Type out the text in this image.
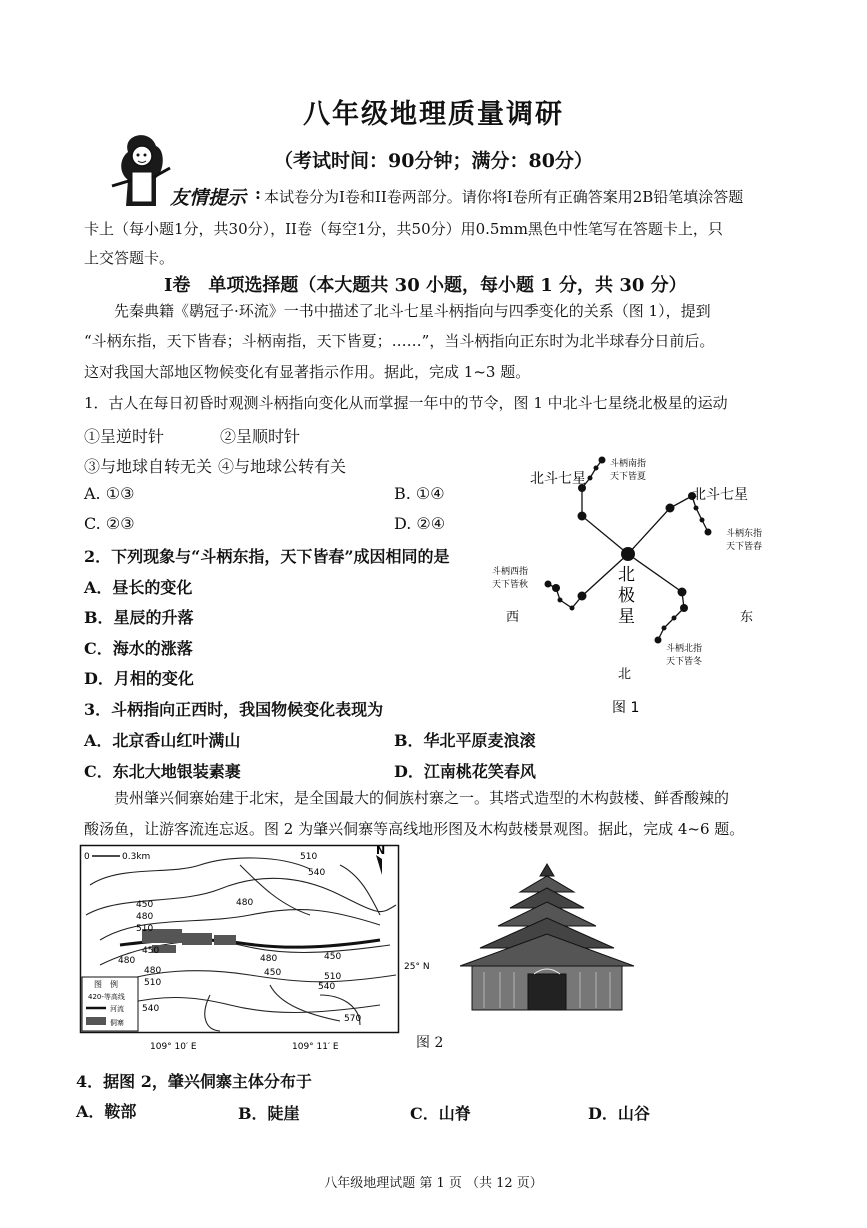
八年级地理质量调研
（考试时间：90分钟；满分：80分）
友情提示 : 本试卷分为I卷和II卷两部分。请你将I卷所有正确答案用2B铅笔填涂答题
卡上（每小题1分，共30分），II卷（每空1分，共50分）用0.5mm黑色中性笔写在答题卡上，只
上交答题卡。
I卷　单项选择题（本大题共 30 小题，每小题 1 分，共 30 分）
先秦典籍《鹖冠子·环流》一书中描述了北斗七星斗柄指向与四季变化的关系（图 1），提到
“斗柄东指，天下皆春；斗柄南指，天下皆夏；……”，当斗柄指向正东时为北半球春分日前后。
这对我国大部地区物候变化有显著指示作用。据此，完成 1~3 题。
1．古人在每日初昏时观测斗柄指向变化从而掌握一年中的节令，图 1 中北斗七星绕北极星的运动
①呈逆时针	②呈顺时针
③与地球自转无关 ④与地球公转有关
A. ①③	B. ①④
C. ②③	D. ②④
2．下列现象与“斗柄东指，天下皆春”成因相同的是
A．昼长的变化
B．星辰的升落
C．海水的涨落
D．月相的变化
3．斗柄指向正西时，我国物候变化表现为
A．北京香山红叶满山	B．华北平原麦浪滚
C．东北大地银装素裹	D．江南桃花笑春风
北斗七星
北斗七星
斗柄南指
天下皆夏
斗柄东指
天下皆春
斗柄西指
天下皆秋
斗柄北指
天下皆冬
北
极
星
西	东
北
图 1
贵州肇兴侗寨始建于北宋，是全国最大的侗族村寨之一。其塔式造型的木构鼓楼、鲜香酸辣的
酸汤鱼，让游客流连忘返。图 2 为肇兴侗寨等高线地形图及木构鼓楼景观图。据此，完成 4~6 题。
0	0.3km	N
510
540
480
450
480
510
450
480	450
480
510
540
480
450	510
540
570
25° N
109° 10′ E	109° 11′ E
图　例
420-等高线
河流
侗寨
图 2
4．据图 2，肇兴侗寨主体分布于
A．鞍部	B．陡崖	C．山脊	D．山谷
八年级地理试题 第 1 页 （共 12 页）
